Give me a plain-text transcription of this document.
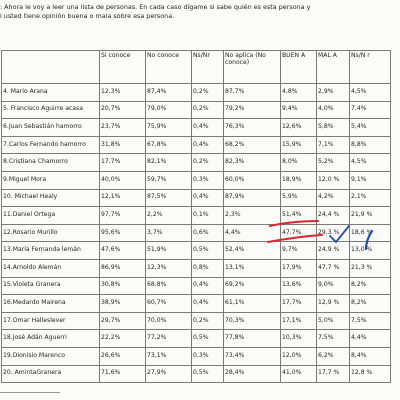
: Ahora le voy a leer una lista de personas. En cada caso dígame si sabe quién es esta persona y
i usted tiene opinión buena o mala sobre esa persona.
	Si conoce	No conoce	Ns/Nr	No aplica (No conoce)	BUEN A	MAL A	Ns/N r
4. Mario Arana	12,3%	87,4%	0,2%	87,7%	4,8%	2,9%	4,5%
5. Francisco Aguirre acasa	20,7%	79,0%	0,2%	79,2%	9,4%	4,0%	7,4%
6.Juan Sebastián hamorro	23,7%	75,9%	0,4%	76,3%	12,6%	5,8%	5,4%
7.Carlos Fernando hamorro	31,8%	67,8%	0,4%	68,2%	15,9%	7,1%	8,8%
8.Cristiana Chamorro	17,7%	82,1%	0,2%	82,3%	8,0%	5,2%	4,5%
9.Miguel Mora	40,0%	59,7%	0,3%	60,0%	18,9%	12,0 %	9,1%
10. Michael Healy	12,1%	87,5%	0,4%	87,9%	5,9%	4,2%	2,1%
11.Daniel Ortega	97,7%	2,2%	0,1%	2,3%	51,4%	24,4 %	21,9 %
12.Rosario Murillo	95,6%	3,7%	0,6%	4,4%	47,7%	29,3 %	18,6 %
13.María Fernanda lemán	47,6%	51,9%	0,5%	52,4%	9,7%	24,9 %	13,0 %
14.Arnoldo Alemán	86,9%	12,3%	0,8%	13,1%	17,9%	47,7 %	21,3 %
15.Violeta Granera	30,8%	68,8%	0,4%	69,2%	13,6%	9,0%	8,2%
16.Medardo Mairena	38,9%	60,7%	0,4%	61,1%	17,7%	12,9 %	8,2%
17.Omar Halleslever	29,7%	70,0%	0,2%	70,3%	17,1%	5,0%	7,5%
18.José Adán Aguerri	22,2%	77,2%	0,5%	77,8%	10,3%	7,5%	4,4%
19.Dionisio Marenco	26,6%	73,1%	0,3%	73,4%	12,0%	6,2%	8,4%
20. AmintaGranera	71,6%	27,9%	0,5%	28,4%	41,0%	17,7 %	12,8 %
